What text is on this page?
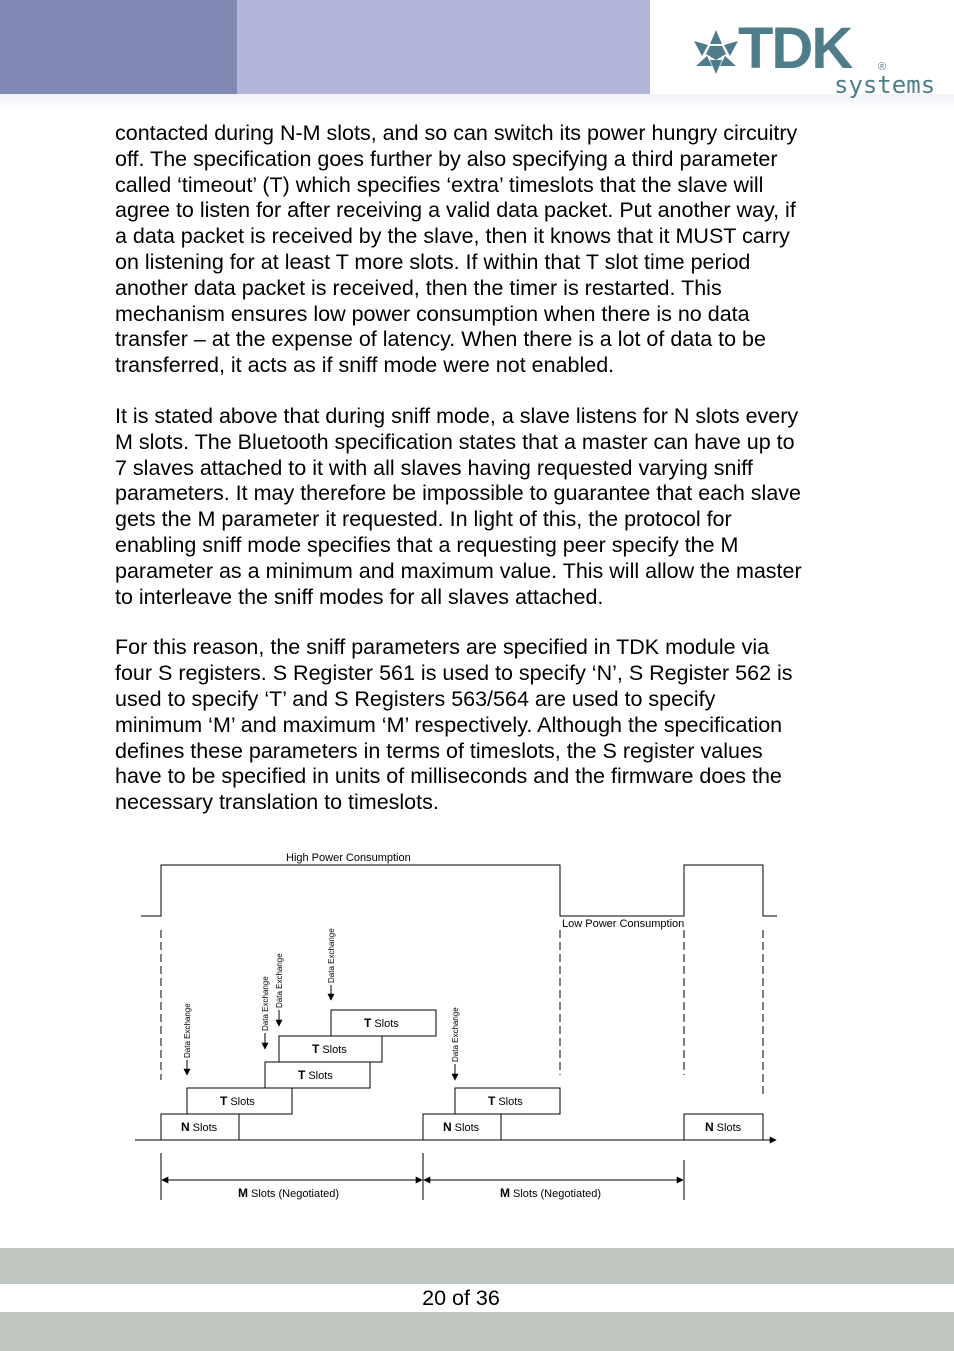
TDK ®
systems

contacted during N-M slots, and so can switch its power hungry circuitry
off. The specification goes further by also specifying a third parameter
called ‘timeout’ (T) which specifies ‘extra’ timeslots that the slave will
agree to listen for after receiving a valid data packet. Put another way, if
a data packet is received by the slave, then it knows that it MUST carry
on listening for at least T more slots. If within that T slot time period
another data packet is received, then the timer is restarted. This
mechanism ensures low power consumption when there is no data
transfer – at the expense of latency. When there is a lot of data to be
transferred, it acts as if sniff mode were not enabled.

It is stated above that during sniff mode, a slave listens for N slots every
M slots. The Bluetooth specification states that a master can have up to
7 slaves attached to it with all slaves having requested varying sniff
parameters. It may therefore be impossible to guarantee that each slave
gets the M parameter it requested. In light of this, the protocol for
enabling sniff mode specifies that a requesting peer specify the M
parameter as a minimum and maximum value. This will allow the master
to interleave the sniff modes for all slaves attached.

For this reason, the sniff parameters are specified in TDK module via
four S registers. S Register 561 is used to specify ‘N’, S Register 562 is
used to specify ‘T’ and S Registers 563/564 are used to specify
minimum ‘M’ and maximum ‘M’ respectively. Although the specification
defines these parameters in terms of timeslots, the S register values
have to be specified in units of milliseconds and the firmware does the
necessary translation to timeslots.

High Power Consumption
Low Power Consumption
N Slots	N Slots	N Slots
T Slots
T Slots
T Slots
T Slots
T Slots
Data Exchange	Data Exchange Data Exchange	Data Exchange
Data Exchange
M Slots (Negotiated)	M Slots (Negotiated)
20 of 36
